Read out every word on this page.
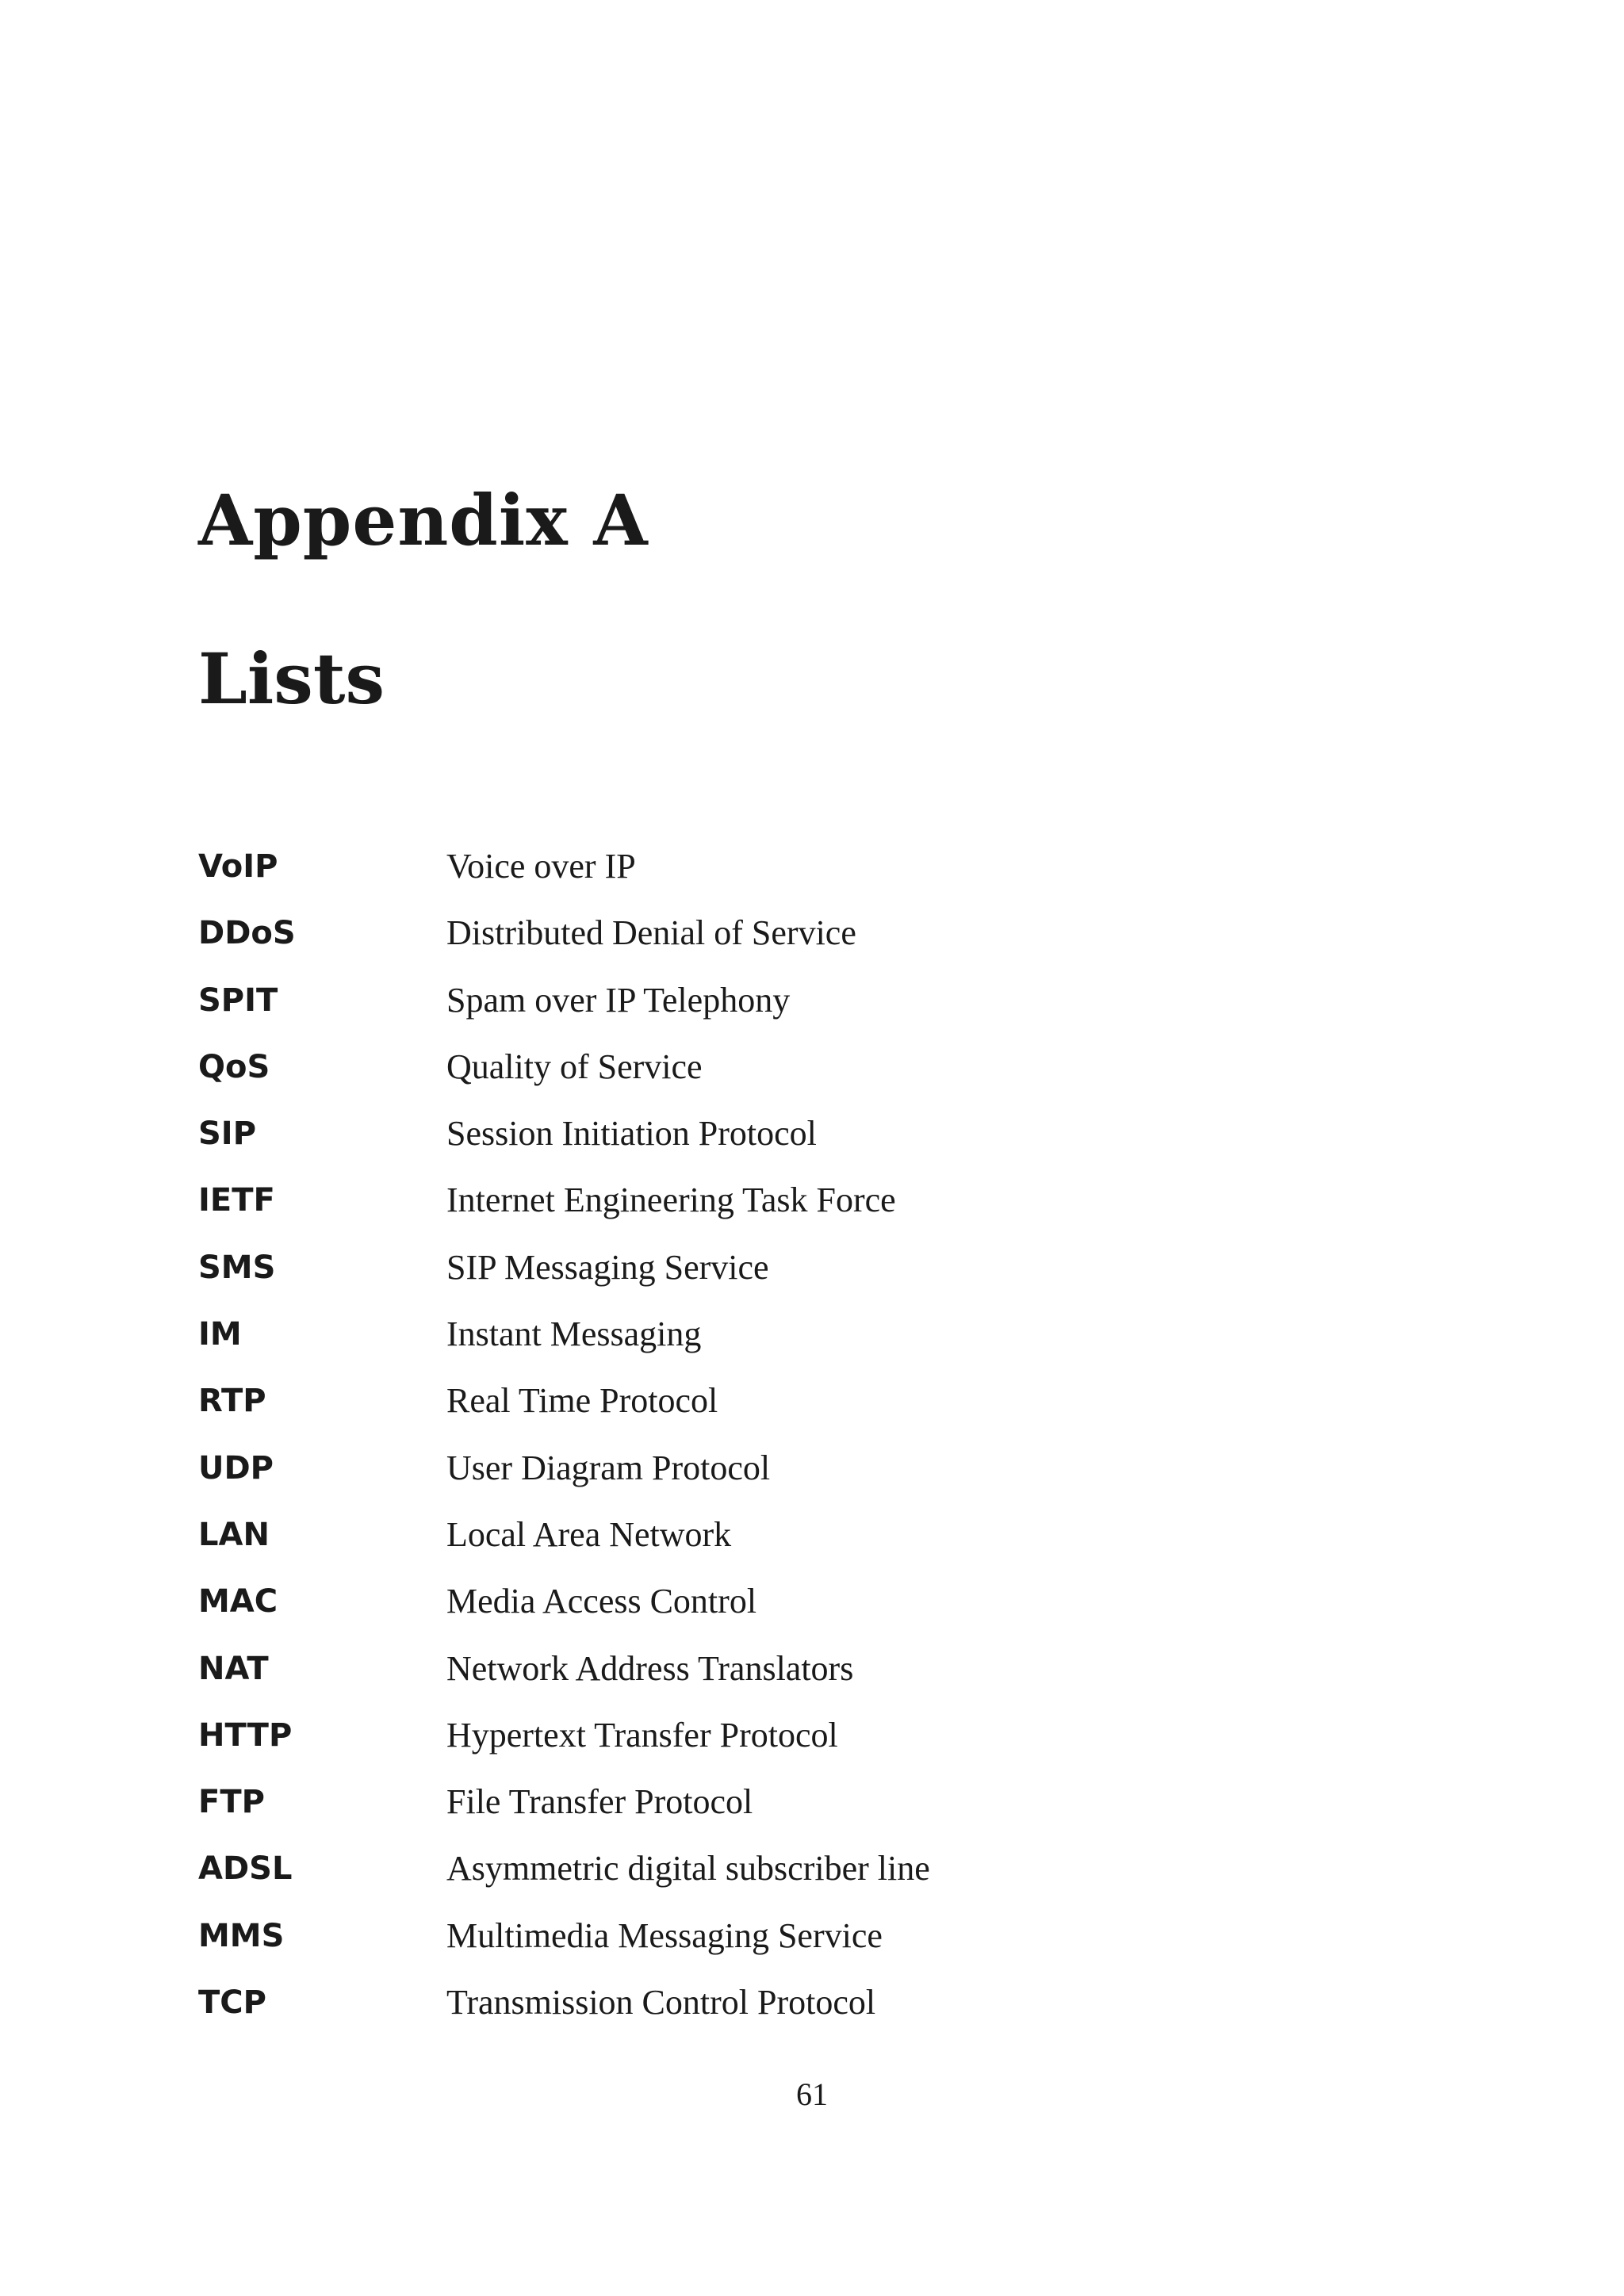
Appendix A
Lists
VoIP	Voice over IP
DDoS	Distributed Denial of Service
SPIT	Spam over IP Telephony
QoS	Quality of Service
SIP	Session Initiation Protocol
IETF	Internet Engineering Task Force
SMS	SIP Messaging Service
IM	Instant Messaging
RTP	Real Time Protocol
UDP	User Diagram Protocol
LAN	Local Area Network
MAC	Media Access Control
NAT	Network Address Translators
HTTP	Hypertext Transfer Protocol
FTP	File Transfer Protocol
ADSL	Asymmetric digital subscriber line
MMS	Multimedia Messaging Service
TCP	Transmission Control Protocol
61
